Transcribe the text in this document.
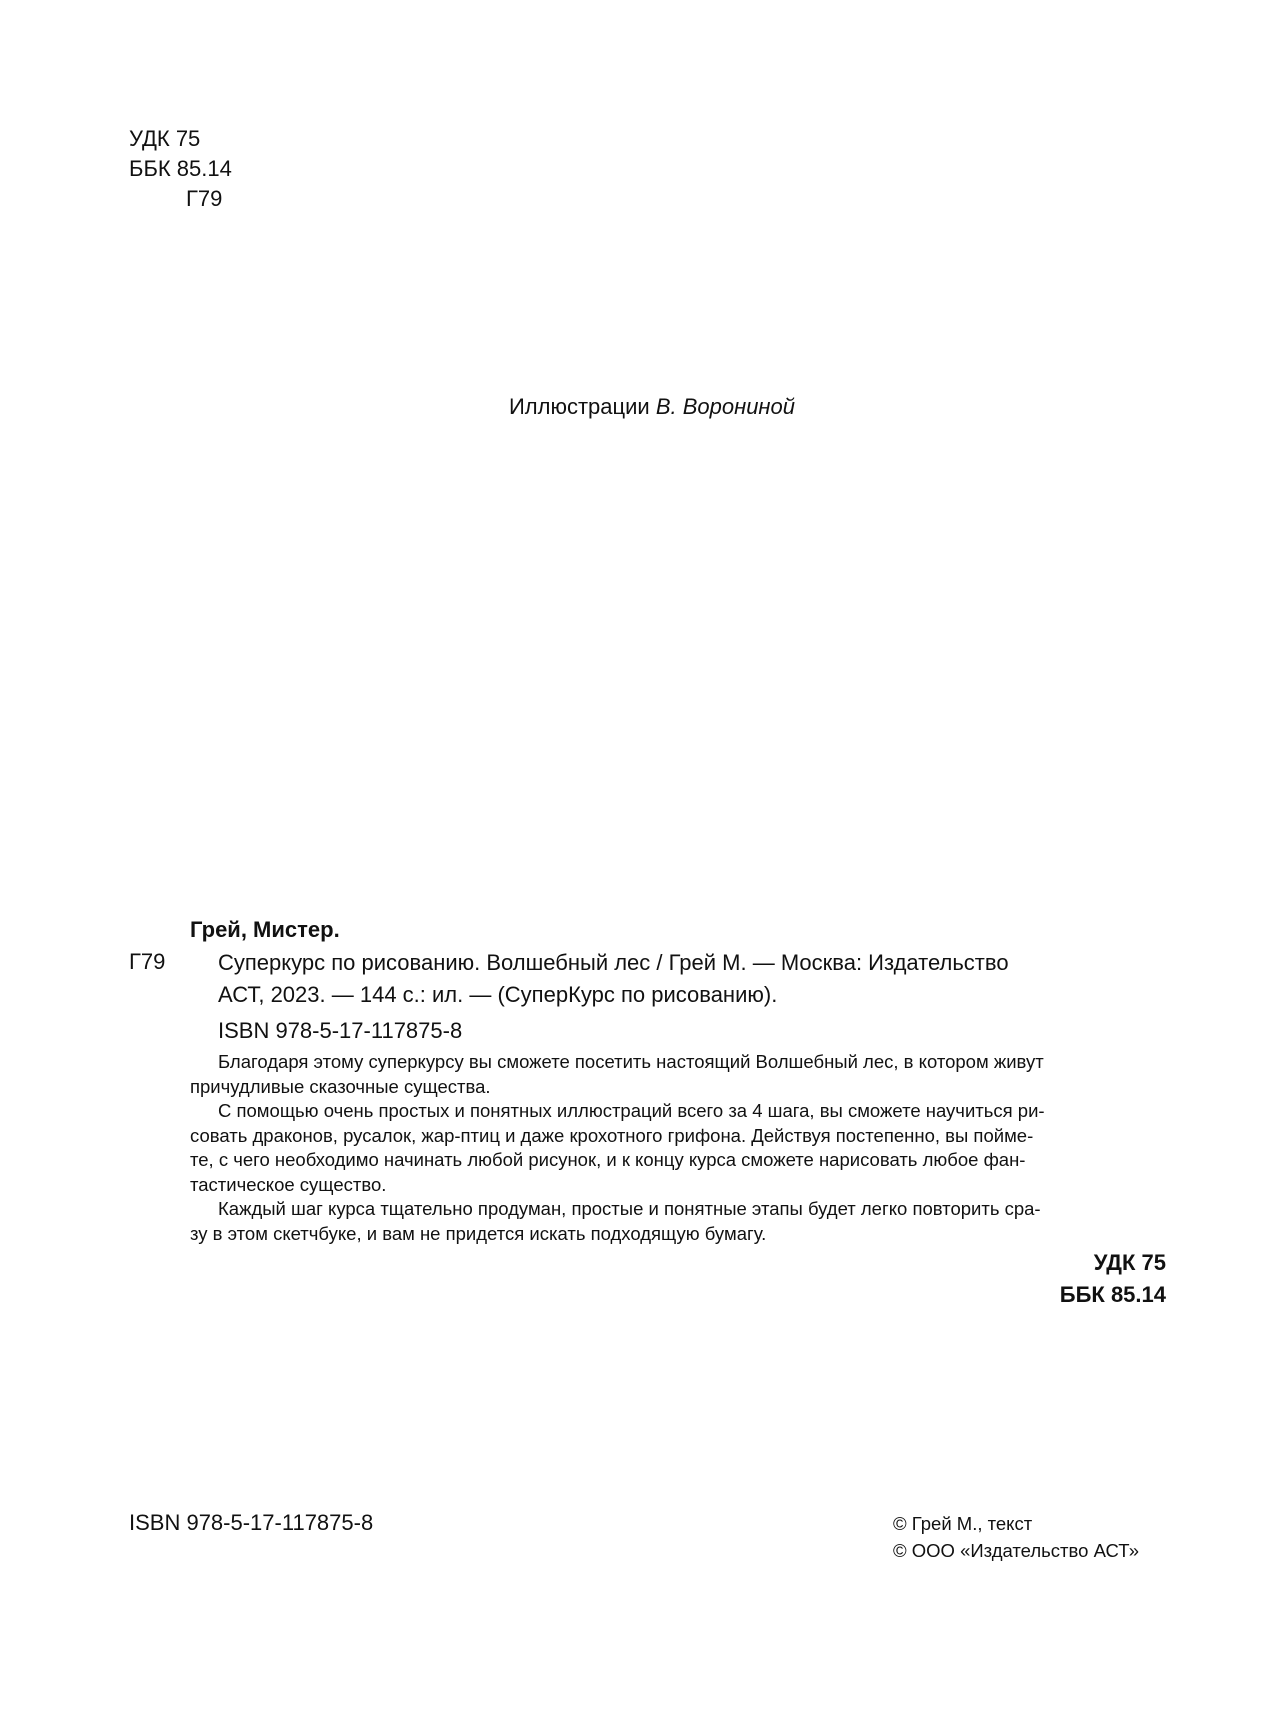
УДК 75
ББК 85.14
Г79
Иллюстрации В. Ворониной
Грей, Мистер.
Г79 Суперкурс по рисованию. Волшебный лес / Грей М. — Москва: Издательство
АСТ, 2023. — 144 с.: ил. — (СуперКурс по рисованию).
ISBN 978-5-17-117875-8
Благодаря этому суперкурсу вы сможете посетить настоящий Волшебный лес, в котором живут
причудливые сказочные существа.
С помощью очень простых и понятных иллюстраций всего за 4 шага, вы сможете научиться ри-
совать драконов, русалок, жар-птиц и даже крохотного грифона. Действуя постепенно, вы пойме-
те, с чего необходимо начинать любой рисунок, и к концу курса сможете нарисовать любое фан-
тастическое существо.
Каждый шаг курса тщательно продуман, простые и понятные этапы будет легко повторить сра-
зу в этом скетчбуке, и вам не придется искать подходящую бумагу.
УДК 75
ББК 85.14
ISBN 978-5-17-117875-8	© Грей М., текст
© ООО «Издательство АСТ»
